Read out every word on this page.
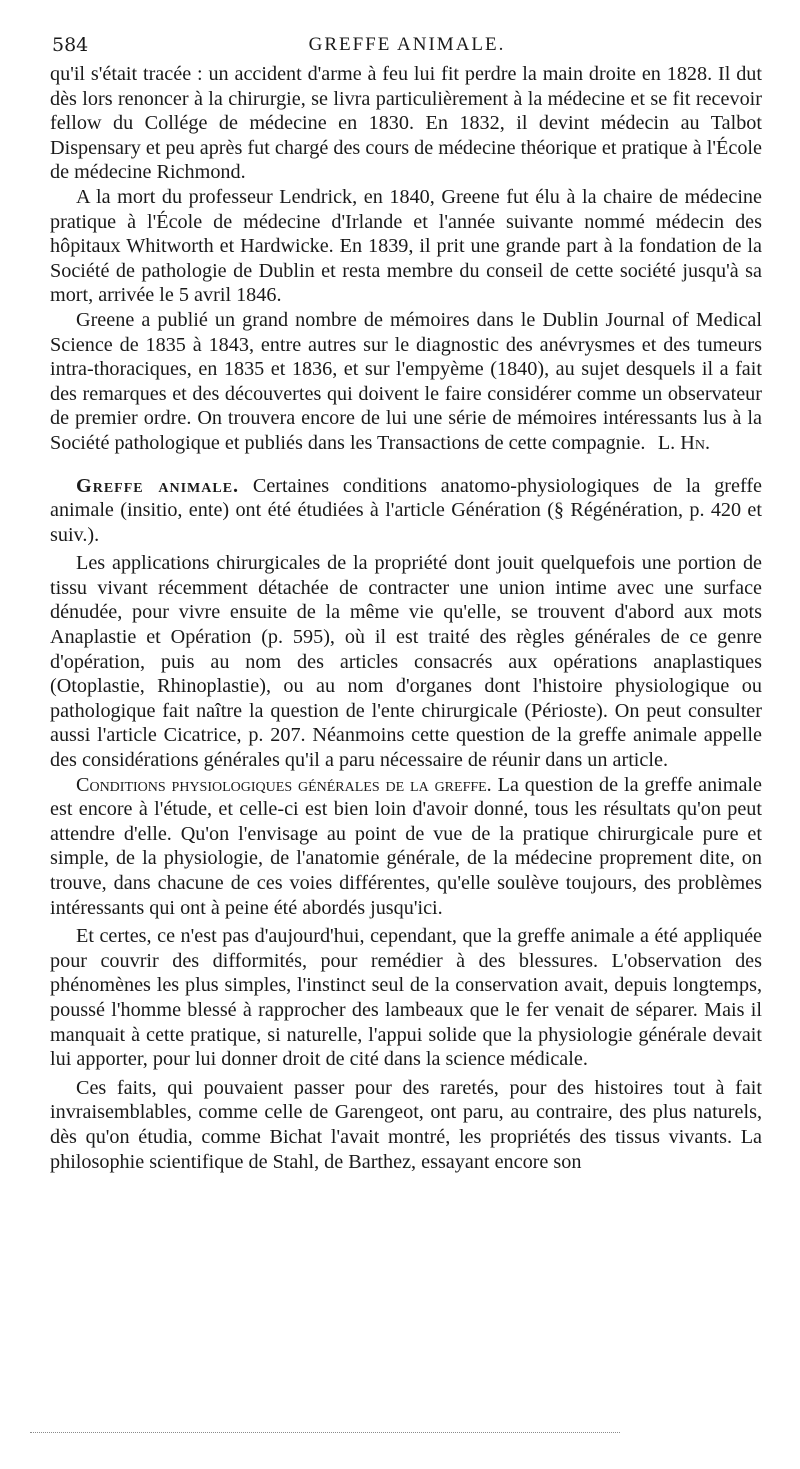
584	GREFFE ANIMALE.

qu'il s'était tracée : un accident d'arme à feu lui fit perdre la main droite en 1828. Il dut dès lors renoncer à la chirurgie, se livra particulièrement à la médecine et se fit recevoir fellow du Collége de médecine en 1830. En 1832, il devint médecin au Talbot Dispensary et peu après fut chargé des cours de médecine théorique et pratique à l'École de médecine Richmond.

A la mort du professeur Lendrick, en 1840, Greene fut élu à la chaire de médecine pratique à l'École de médecine d'Irlande et l'année suivante nommé médecin des hôpitaux Whitworth et Hardwicke. En 1839, il prit une grande part à la fondation de la Société de pathologie de Dublin et resta membre du conseil de cette société jusqu'à sa mort, arrivée le 5 avril 1846.

Greene a publié un grand nombre de mémoires dans le Dublin Journal of Medical Science de 1835 à 1843, entre autres sur le diagnostic des anévrysmes et des tumeurs intra-thoraciques, en 1835 et 1836, et sur l'empyème (1840), au sujet desquels il a fait des remarques et des découvertes qui doivent le faire considérer comme un observateur de premier ordre. On trouvera encore de lui une série de mémoires intéressants lus à la Société pathologique et publiés dans les Transactions de cette compagnie. L. Hn.

Greffe animale. Certaines conditions anatomo-physiologiques de la greffe animale (insitio, ente) ont été étudiées à l'article Génération (§ Régénération, p. 420 et suiv.).

Les applications chirurgicales de la propriété dont jouit quelquefois une portion de tissu vivant récemment détachée de contracter une union intime avec une surface dénudée, pour vivre ensuite de la même vie qu'elle, se trouvent d'abord aux mots Anaplastie et Opération (p. 595), où il est traité des règles générales de ce genre d'opération, puis au nom des articles consacrés aux opérations anaplastiques (Otoplastie, Rhinoplastie), ou au nom d'organes dont l'histoire physiologique ou pathologique fait naître la question de l'ente chirurgicale (Périoste). On peut consulter aussi l'article Cicatrice, p. 207. Néanmoins cette question de la greffe animale appelle des considérations générales qu'il a paru nécessaire de réunir dans un article.

Conditions physiologiques générales de la greffe. La question de la greffe animale est encore à l'étude, et celle-ci est bien loin d'avoir donné, tous les résultats qu'on peut attendre d'elle. Qu'on l'envisage au point de vue de la pratique chirurgicale pure et simple, de la physiologie, de l'anatomie générale, de la médecine proprement dite, on trouve, dans chacune de ces voies différentes, qu'elle soulève toujours, des problèmes intéressants qui ont à peine été abordés jusqu'ici.

Et certes, ce n'est pas d'aujourd'hui, cependant, que la greffe animale a été appliquée pour couvrir des difformités, pour remédier à des blessures. L'observation des phénomènes les plus simples, l'instinct seul de la conservation avait, depuis longtemps, poussé l'homme blessé à rapprocher des lambeaux que le fer venait de séparer. Mais il manquait à cette pratique, si naturelle, l'appui solide que la physiologie générale devait lui apporter, pour lui donner droit de cité dans la science médicale.

Ces faits, qui pouvaient passer pour des raretés, pour des histoires tout à fait invraisemblables, comme celle de Garengeot, ont paru, au contraire, des plus naturels, dès qu'on étudia, comme Bichat l'avait montré, les propriétés des tissus vivants. La philosophie scientifique de Stahl, de Barthez, essayant encore son
